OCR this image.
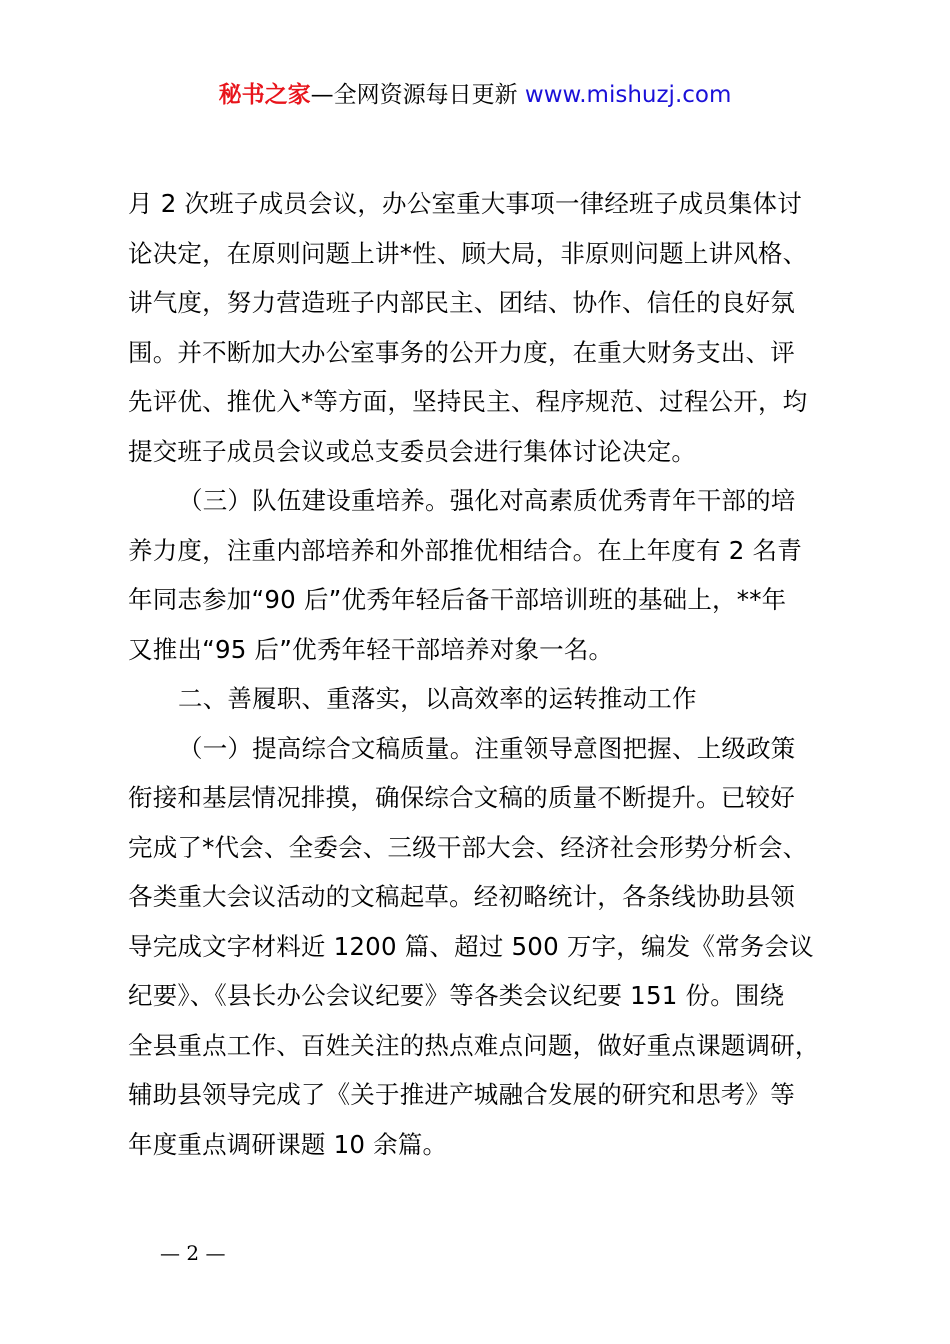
秘书之家—全网资源每日更新 www.mishuzj.com
月 2 次班子成员会议，办公室重大事项一律经班子成员集体讨
论决定，在原则问题上讲*性、顾大局，非原则问题上讲风格、
讲气度，努力营造班子内部民主、团结、协作、信任的良好氛
围。并不断加大办公室事务的公开力度，在重大财务支出、评
先评优、推优入*等方面，坚持民主、程序规范、过程公开，均
提交班子成员会议或总支委员会进行集体讨论决定。
（三）队伍建设重培养。强化对高素质优秀青年干部的培
养力度，注重内部培养和外部推优相结合。在上年度有 2 名青
年同志参加“90 后”优秀年轻后备干部培训班的基础上，**年
又推出“95 后”优秀年轻干部培养对象一名。
二、善履职、重落实，以高效率的运转推动工作
（一）提高综合文稿质量。注重领导意图把握、上级政策
衔接和基层情况排摸，确保综合文稿的质量不断提升。已较好
完成了*代会、全委会、三级干部大会、经济社会形势分析会、
各类重大会议活动的文稿起草。经初略统计，各条线协助县领
导完成文字材料近 1200 篇、超过 500 万字，编发《常务会议
纪要》、《县长办公会议纪要》等各类会议纪要 151 份。围绕
全县重点工作、百姓关注的热点难点问题，做好重点课题调研，
辅助县领导完成了《关于推进产城融合发展的研究和思考》等
年度重点调研课题 10 余篇。
— 2 —
